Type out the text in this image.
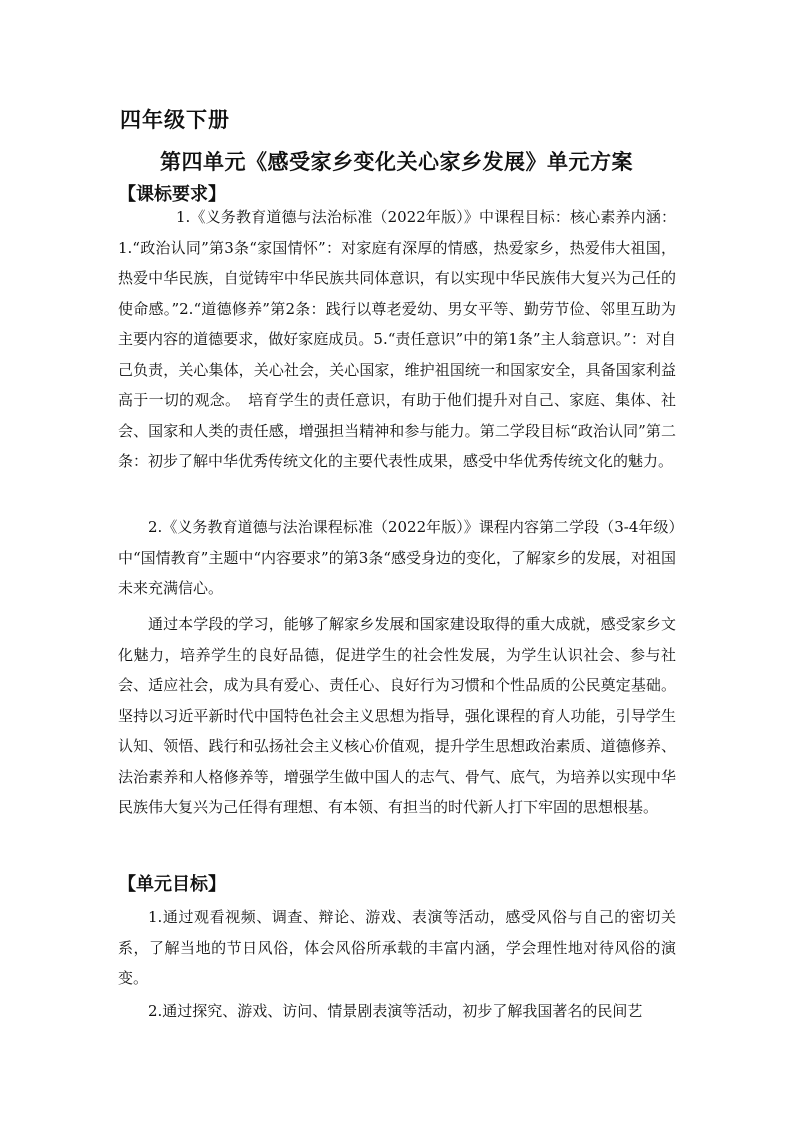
四年级下册
第四单元《感受家乡变化关心家乡发展》单元方案
【课标要求】
1.《义务教育道德与法治标准（2022年版）》中课程目标：核心素养内涵：1.“政治认同”第3条“家国情怀”：对家庭有深厚的情感，热爱家乡，热爱伟大祖国，热爱中华民族，自觉铸牢中华民族共同体意识，有以实现中华民族伟大复兴为己任的使命感。”2.“道德修养”第2条：践行以尊老爱幼、男女平等、勤劳节俭、邻里互助为主要内容的道德要求，做好家庭成员。5.“责任意识”中的第1条”主人翁意识。”：对自己负责，关心集体，关心社会，关心国家，维护祖国统一和国家安全，具备国家利益高于一切的观念。　培育学生的责任意识，有助于他们提升对自己、家庭、集体、社会、国家和人类的责任感，增强担当精神和参与能力。第二学段目标“政治认同”第二条：初步了解中华优秀传统文化的主要代表性成果，感受中华优秀传统文化的魅力。
2.《义务教育道德与法治课程标准（2022年版）》课程内容第二学段（3-4年级）中“国情教育”主题中“内容要求”的第3条“感受身边的变化，了解家乡的发展，对祖国未来充满信心。
通过本学段的学习，能够了解家乡发展和国家建设取得的重大成就，感受家乡文化魅力，培养学生的良好品德，促进学生的社会性发展，为学生认识社会、参与社会、适应社会，成为具有爱心、责任心、良好行为习惯和个性品质的公民奠定基础。坚持以习近平新时代中国特色社会主义思想为指导，强化课程的育人功能，引导学生认知、领悟、践行和弘扬社会主义核心价值观，提升学生思想政治素质、道德修养、法治素养和人格修养等，增强学生做中国人的志气、骨气、底气，为培养以实现中华民族伟大复兴为己任得有理想、有本领、有担当的时代新人打下牢固的思想根基。
【单元目标】
1.通过观看视频、调查、辩论、游戏、表演等活动，感受风俗与自己的密切关系，了解当地的节日风俗，体会风俗所承载的丰富内涵，学会理性地对待风俗的演变。
2.通过探究、游戏、访问、情景剧表演等活动，初步了解我国著名的民间艺
